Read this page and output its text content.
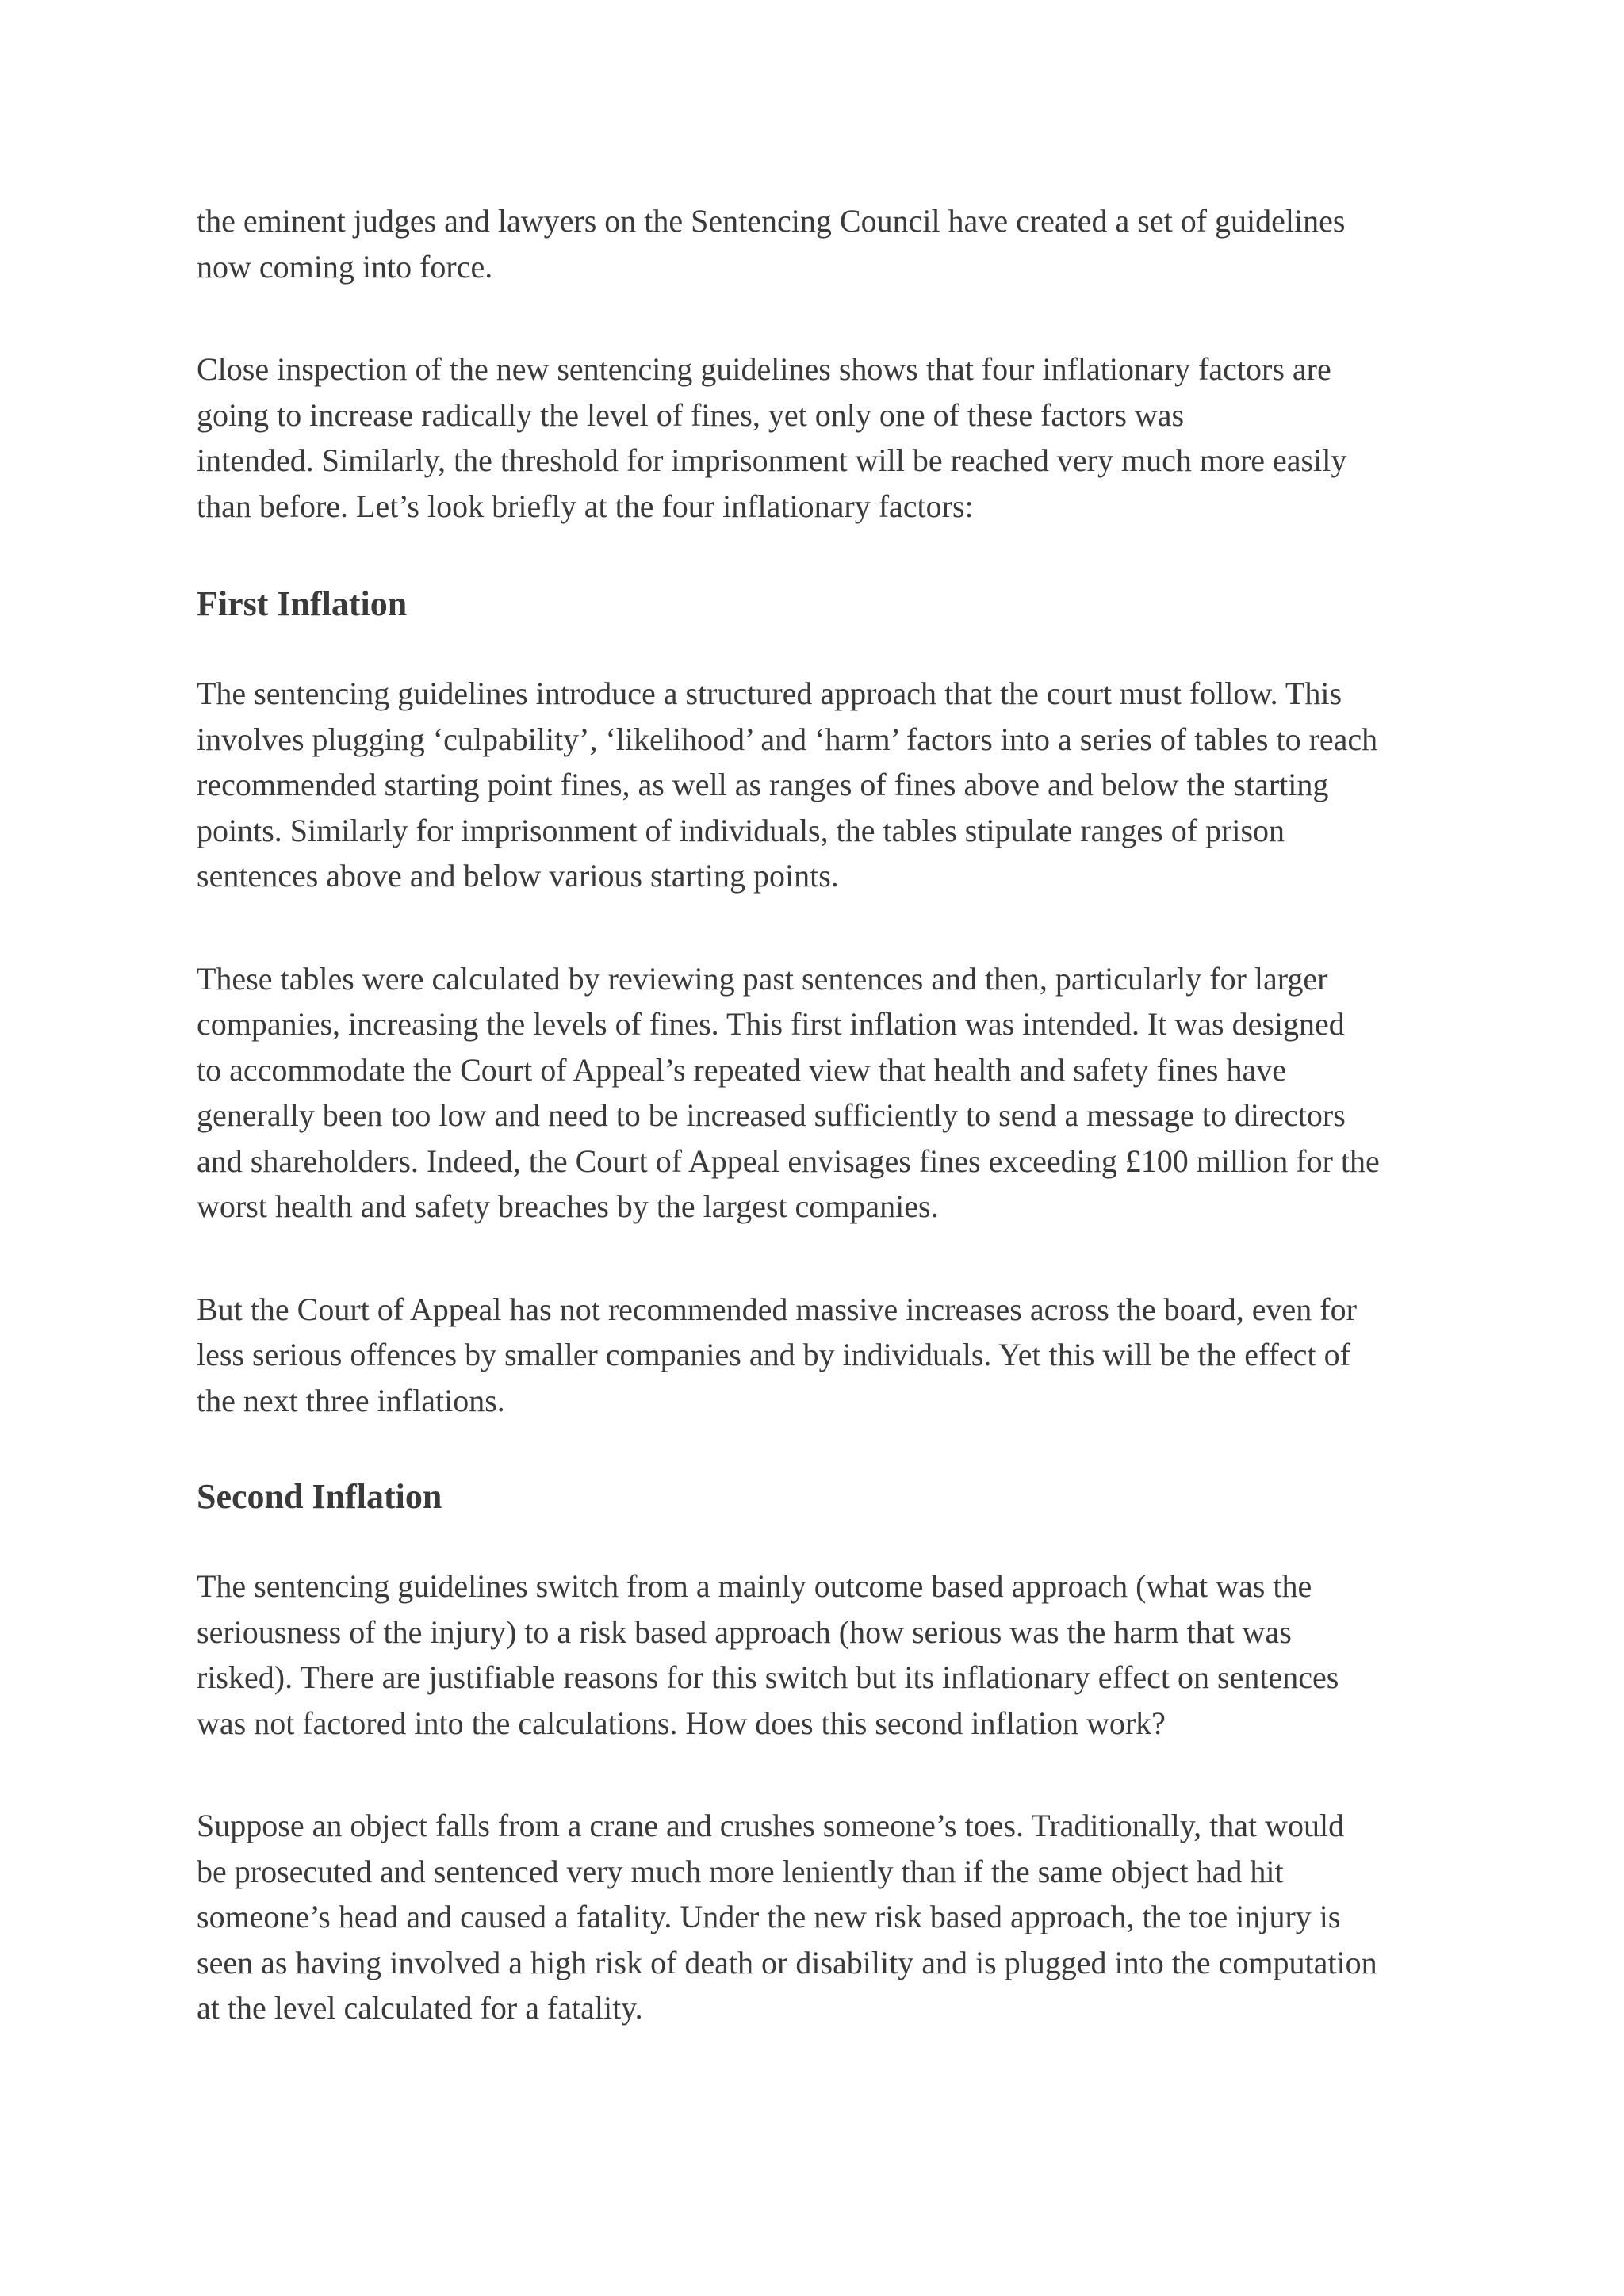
the eminent judges and lawyers on the Sentencing Council have created a set of guidelines
now coming into force.

Close inspection of the new sentencing guidelines shows that four inflationary factors are
going to increase radically the level of fines, yet only one of these factors was
intended. Similarly, the threshold for imprisonment will be reached very much more easily
than before. Let’s look briefly at the four inflationary factors:

First Inflation

The sentencing guidelines introduce a structured approach that the court must follow. This
involves plugging ‘culpability’, ‘likelihood’ and ‘harm’ factors into a series of tables to reach
recommended starting point fines, as well as ranges of fines above and below the starting
points. Similarly for imprisonment of individuals, the tables stipulate ranges of prison
sentences above and below various starting points.

These tables were calculated by reviewing past sentences and then, particularly for larger
companies, increasing the levels of fines. This first inflation was intended. It was designed
to accommodate the Court of Appeal’s repeated view that health and safety fines have
generally been too low and need to be increased sufficiently to send a message to directors
and shareholders. Indeed, the Court of Appeal envisages fines exceeding £100 million for the
worst health and safety breaches by the largest companies.

But the Court of Appeal has not recommended massive increases across the board, even for
less serious offences by smaller companies and by individuals. Yet this will be the effect of
the next three inflations.

Second Inflation

The sentencing guidelines switch from a mainly outcome based approach (what was the
seriousness of the injury) to a risk based approach (how serious was the harm that was
risked). There are justifiable reasons for this switch but its inflationary effect on sentences
was not factored into the calculations. How does this second inflation work?

Suppose an object falls from a crane and crushes someone’s toes. Traditionally, that would
be prosecuted and sentenced very much more leniently than if the same object had hit
someone’s head and caused a fatality. Under the new risk based approach, the toe injury is
seen as having involved a high risk of death or disability and is plugged into the computation
at the level calculated for a fatality.
